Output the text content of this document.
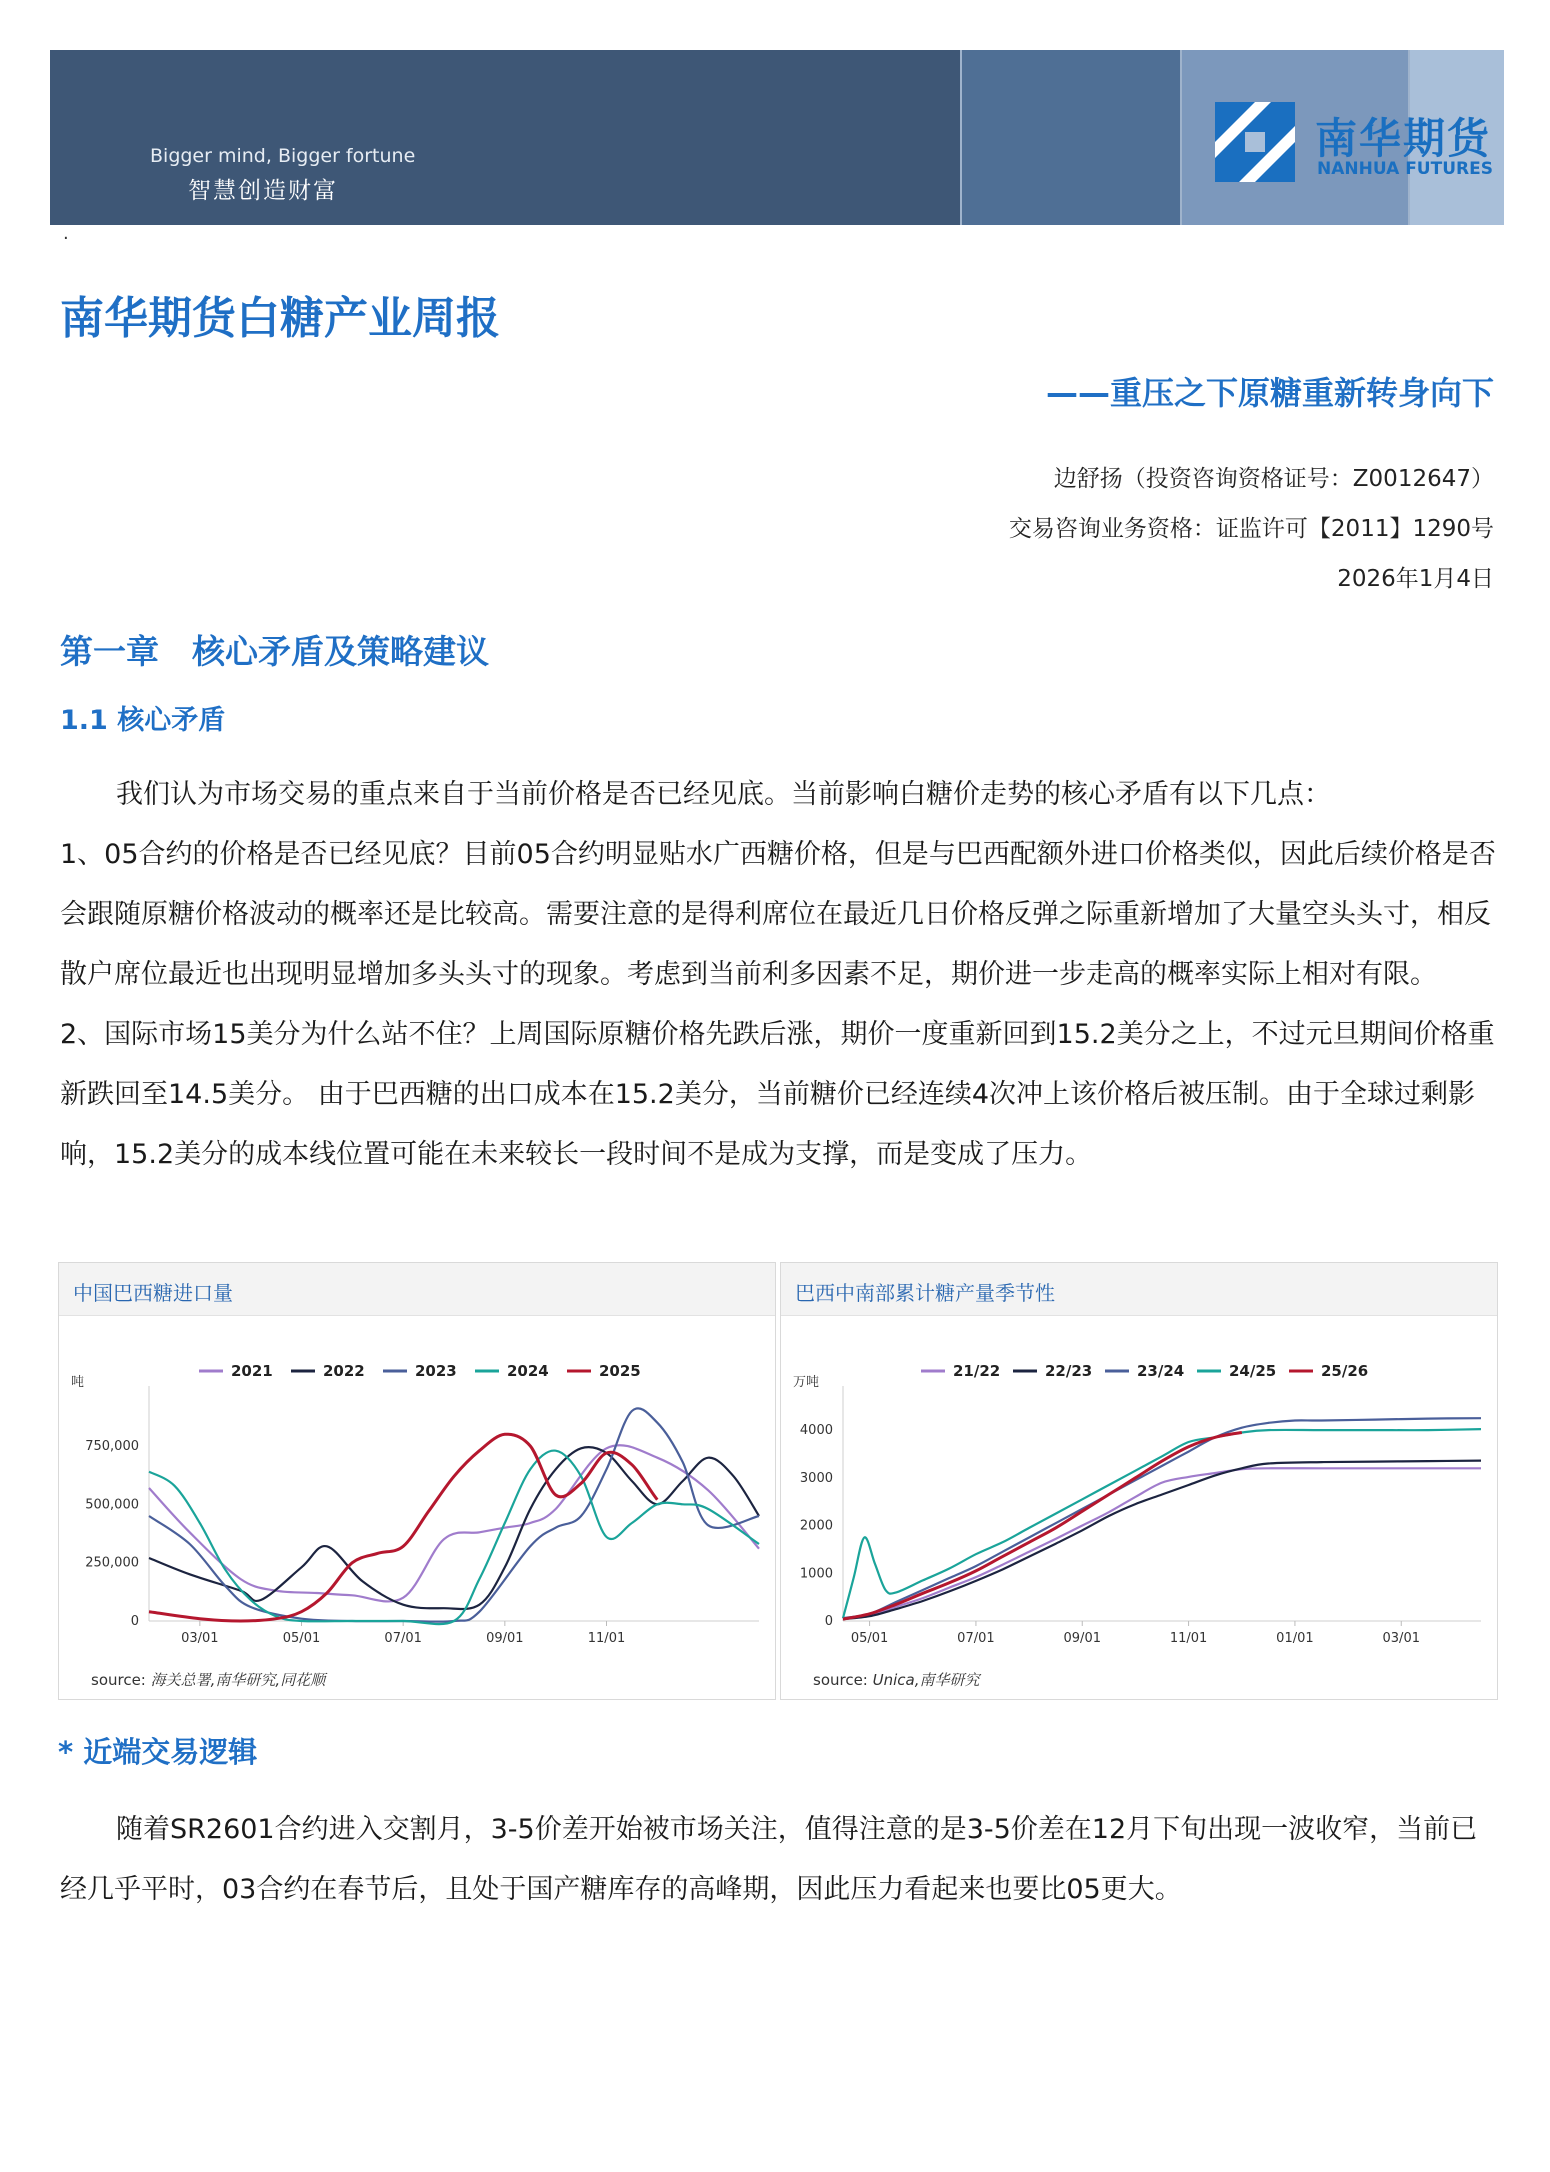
Bigger mind, Bigger fortune
智慧创造财富
南华期货
NANHUA FUTURES
·
南华期货白糖产业周报
——重压之下原糖重新转身向下
边舒扬（投资咨询资格证号：Z0012647）
交易咨询业务资格：证监许可【2011】1290号
2026年1月4日
第一章　核心矛盾及策略建议
1.1 核心矛盾

我们认为市场交易的重点来自于当前价格是否已经见底。当前影响白糖价走势的核心矛盾有以下几点：

1、05合约的价格是否已经见底？目前05合约明显贴水广西糖价格，但是与巴西配额外进口价格类似，因此后续价格是否会跟随原糖价格波动的概率还是比较高。需要注意的是得利席位在最近几日价格反弹之际重新增加了大量空头头寸，相反散户席位最近也出现明显增加多头头寸的现象。考虑到当前利多因素不足，期价进一步走高的概率实际上相对有限。

2、国际市场15美分为什么站不住？上周国际原糖价格先跌后涨，期价一度重新回到15.2美分之上，不过元旦期间价格重新跌回至14.5美分。 由于巴西糖的出口成本在15.2美分，当前糖价已经连续4次冲上该价格后被压制。由于全球过剩影响，15.2美分的成本线位置可能在未来较长一段时间不是成为支撑，而是变成了压力。

中国巴西糖进口量
吨
0
250,000
500,000
750,000
03/01	05/01	07/01	09/01	11/01
2021	2022	2023	2024	2025
source: 海关总署,南华研究,同花顺
巴西中南部累计糖产量季节性
万吨
0
1000
2000
3000
4000
05/01	07/01	09/01	11/01	01/01	03/01
21/22	22/23	23/24	24/25	25/26
source: Unica,南华研究
* 近端交易逻辑

随着SR2601合约进入交割月，3-5价差开始被市场关注，值得注意的是3-5价差在12月下旬出现一波收窄，当前已经几乎平时，03合约在春节后，且处于国产糖库存的高峰期，因此压力看起来也要比05更大。
